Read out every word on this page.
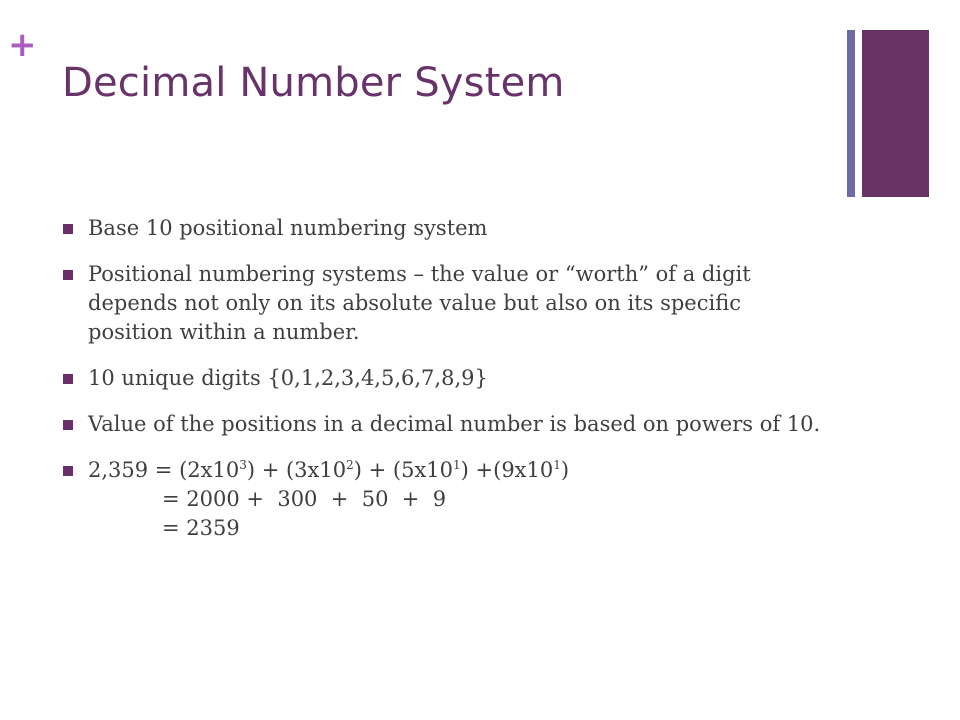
+
Decimal Number System
Base 10 positional numbering system
Positional numbering systems – the value or “worth” of a digit depends not only on its absolute value but also on its specific position within a number.
10 unique digits {0,1,2,3,4,5,6,7,8,9}
Value of the positions in a decimal number is based on powers of 10.
$2,359 = (2x10^3) + (3x10^2) + (5x10^1) +(9x10^1)$
= 2000 +  300  +  50  +  9
= 2359
